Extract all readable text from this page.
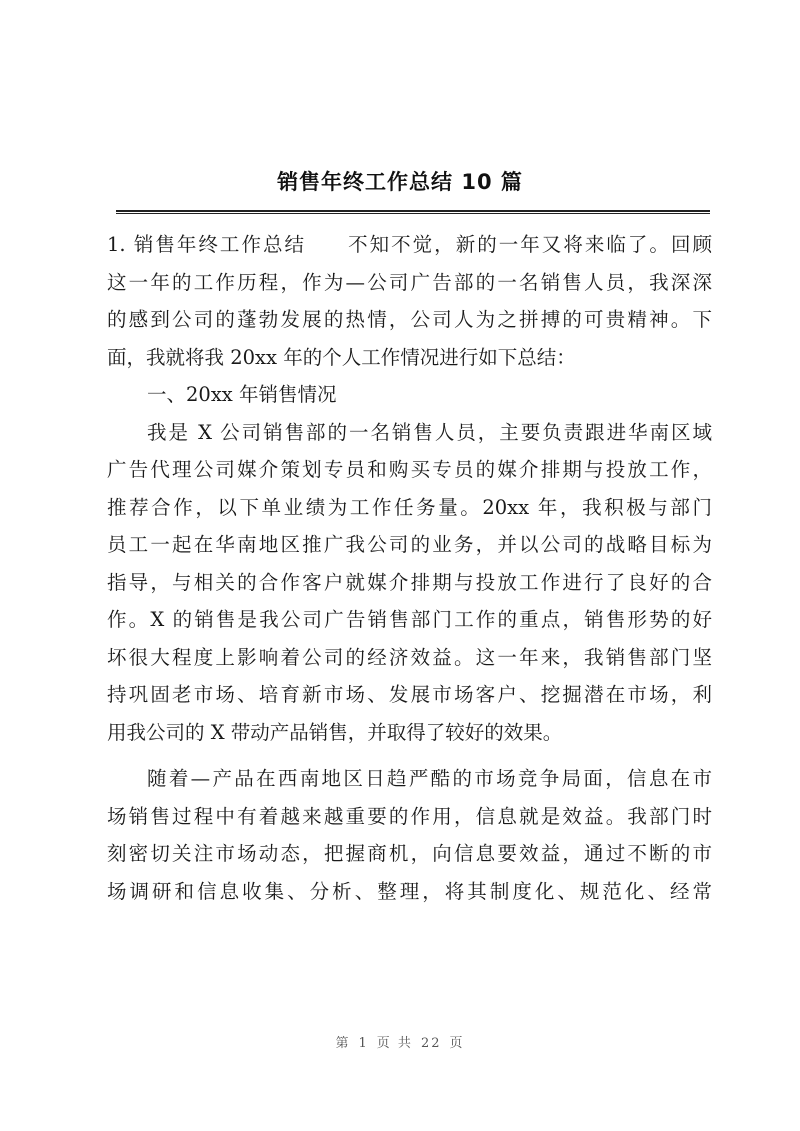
销售年终工作总结 10 篇
1. 销售年终工作总结 不知不觉，新的一年又将来临了。回顾
这一年的工作历程，作为—公司广告部的一名销售人员，我深深
的感到公司的蓬勃发展的热情，公司人为之拼搏的可贵精神。下
面，我就将我 20xx 年的个人工作情况进行如下总结：
一、20xx 年销售情况
我是 X 公司销售部的一名销售人员，主要负责跟进华南区域
广告代理公司媒介策划专员和购买专员的媒介排期与投放工作，
推荐合作，以下单业绩为工作任务量。20xx 年，我积极与部门
员工一起在华南地区推广我公司的业务，并以公司的战略目标为
指导，与相关的合作客户就媒介排期与投放工作进行了良好的合
作。X 的销售是我公司广告销售部门工作的重点，销售形势的好
坏很大程度上影响着公司的经济效益。这一年来，我销售部门坚
持巩固老市场、培育新市场、发展市场客户、挖掘潜在市场，利
用我公司的 X 带动产品销售，并取得了较好的效果。
随着—产品在西南地区日趋严酷的市场竞争局面，信息在市
场销售过程中有着越来越重要的作用，信息就是效益。我部门时
刻密切关注市场动态，把握商机，向信息要效益，通过不断的市
场调研和信息收集、分析、整理，将其制度化、规范化、经常
第 1 页 共 22 页
